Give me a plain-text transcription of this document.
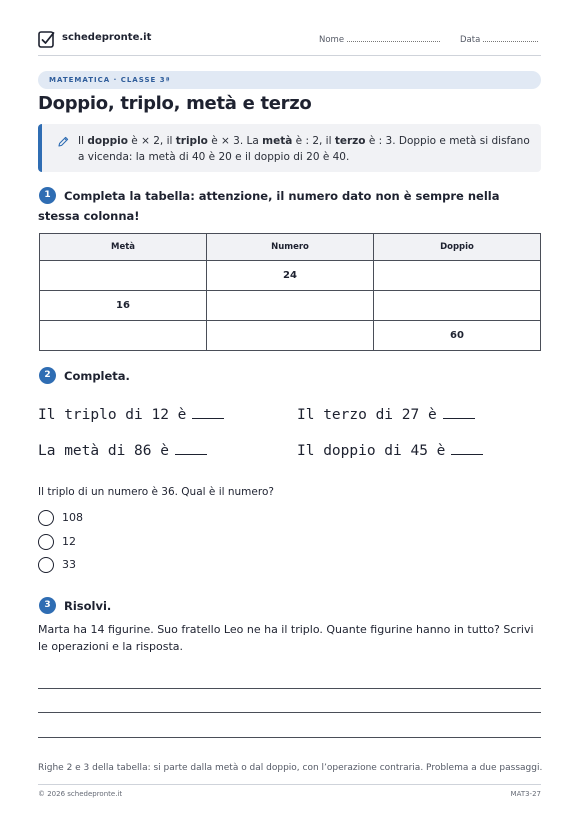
schedepronte.it	Nome	Data
MATEMATICA · CLASSE 3ª
Doppio, triplo, metà e terzo
Il doppio è × 2, il triplo è × 3. La metà è : 2, il terzo è : 3. Doppio e metà si disfano a vicenda: la metà di 40 è 20 e il doppio di 20 è 40.
1	Completa la tabella: attenzione, il numero dato non è sempre nella stessa colonna!
Metà	Numero	Doppio
	24	
16		
		60
2	Completa.
Il triplo di 12 è	Il terzo di 27 è
La metà di 86 è	Il doppio di 45 è
Il triplo di un numero è 36. Qual è il numero?
108
12
33
3	Risolvi.
Marta ha 14 figurine. Suo fratello Leo ne ha il triplo. Quante figurine hanno in tutto? Scrivi le operazioni e la risposta.
Righe 2 e 3 della tabella: si parte dalla metà o dal doppio, con l’operazione contraria. Problema a due passaggi.
© 2026 schedepronte.it	MAT3-27
